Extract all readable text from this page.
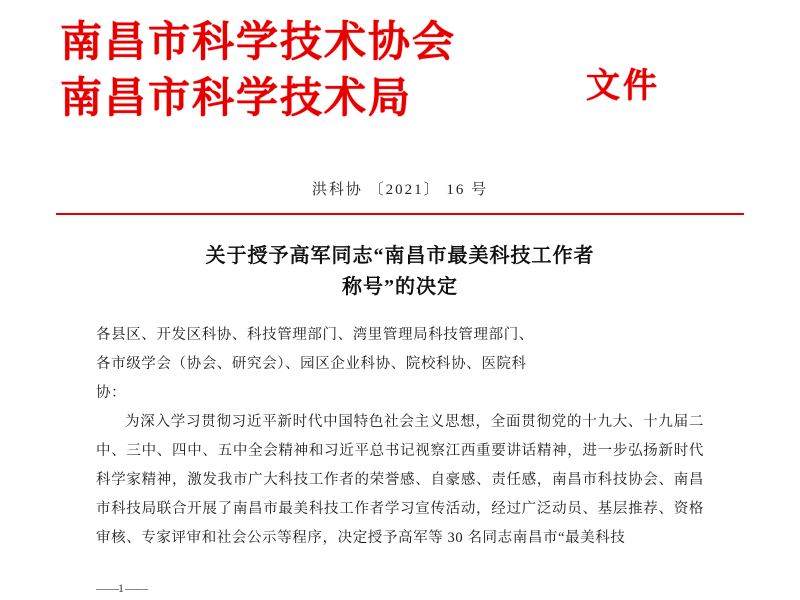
南昌市科学技术协会
南昌市科学技术局	文件
洪科协 〔2021〕 16 号
关于授予高军同志“南昌市最美科技工作者
称号”的决定

各县区、开发区科协、科技管理部门、湾里管理局科技管理部门、

各市级学会（协会、研究会）、园区企业科协、院校科协、医院科

协：

为深入学习贯彻习近平新时代中国特色社会主义思想，全面贯彻党的十九大、十九届二中、三中、四中、五中全会精神和习近平总书记视察江西重要讲话精神，进一步弘扬新时代科学家精神，激发我市广大科技工作者的荣誉感、自豪感、责任感，南昌市科技协会、南昌市科技局联合开展了南昌市最美科技工作者学习宣传活动，经过广泛动员、基层推荐、资格审核、专家评审和社会公示等程序，决定授予高军等 30 名同志南昌市“最美科技

——1——
